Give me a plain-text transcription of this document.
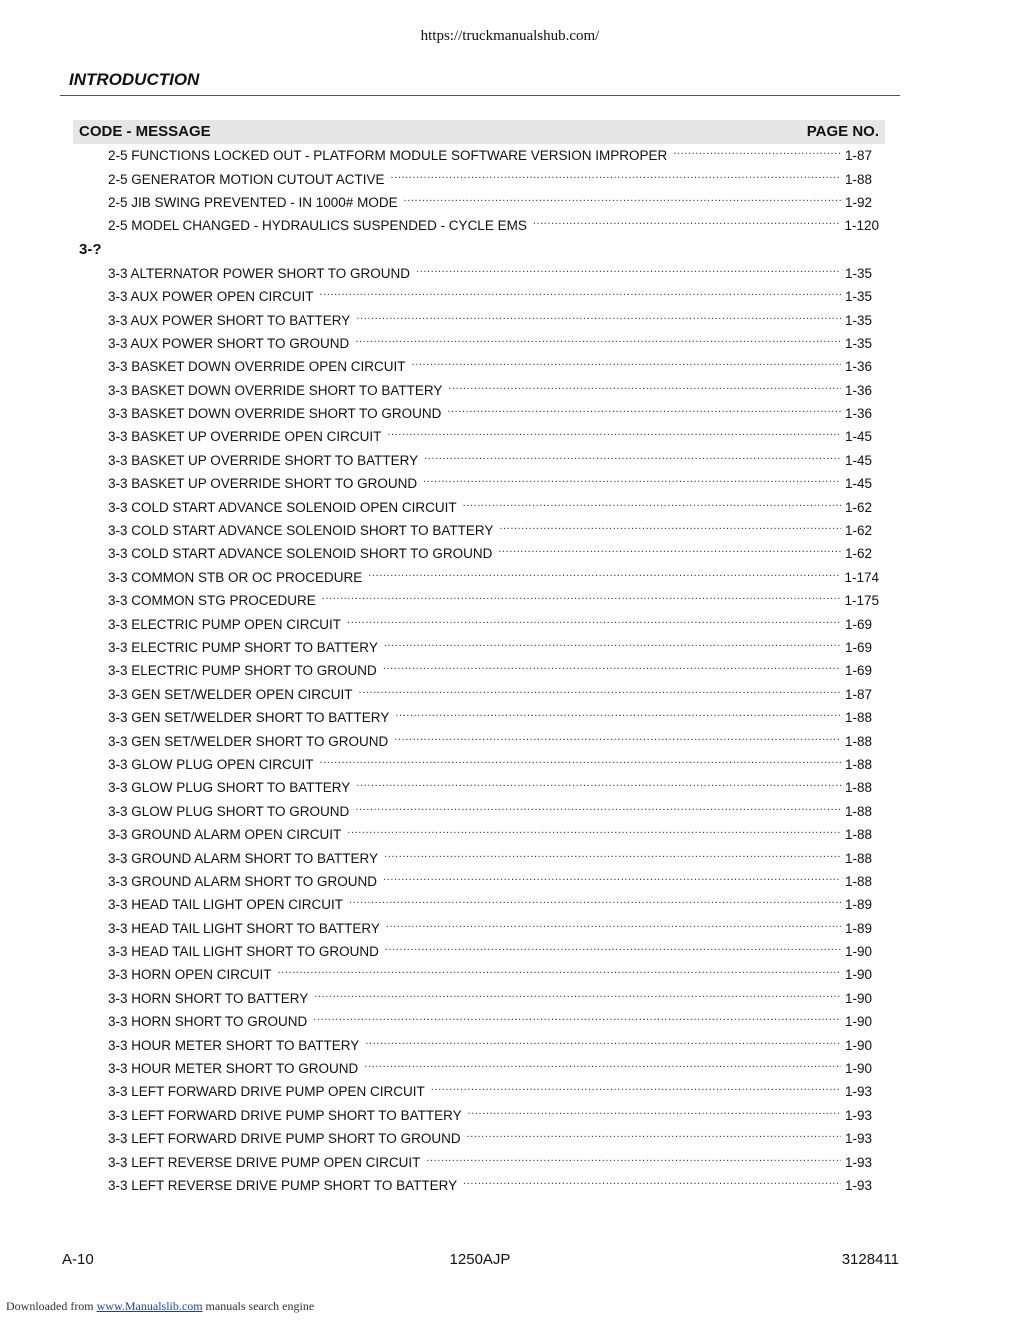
https://truckmanualshub.com/
INTRODUCTION
CODE - MESSAGE	PAGE NO.
2-5 FUNCTIONS LOCKED OUT - PLATFORM MODULE SOFTWARE VERSION IMPROPER .....	1-87
2-5 GENERATOR MOTION CUTOUT ACTIVE .....	1-88
2-5 JIB SWING PREVENTED - IN 1000# MODE .....	1-92
2-5 MODEL CHANGED - HYDRAULICS SUSPENDED - CYCLE EMS .....	1-120
3-?
3-3 ALTERNATOR POWER SHORT TO GROUND .....	1-35
3-3 AUX POWER OPEN CIRCUIT .....	1-35
3-3 AUX POWER SHORT TO BATTERY .....	1-35
3-3 AUX POWER SHORT TO GROUND .....	1-35
3-3 BASKET DOWN OVERRIDE OPEN CIRCUIT .....	1-36
3-3 BASKET DOWN OVERRIDE SHORT TO BATTERY .....	1-36
3-3 BASKET DOWN OVERRIDE SHORT TO GROUND .....	1-36
3-3 BASKET UP OVERRIDE OPEN CIRCUIT .....	1-45
3-3 BASKET UP OVERRIDE SHORT TO BATTERY .....	1-45
3-3 BASKET UP OVERRIDE SHORT TO GROUND .....	1-45
3-3 COLD START ADVANCE SOLENOID OPEN CIRCUIT .....	1-62
3-3 COLD START ADVANCE SOLENOID SHORT TO BATTERY .....	1-62
3-3 COLD START ADVANCE SOLENOID SHORT TO GROUND .....	1-62
3-3 COMMON STB OR OC PROCEDURE .....	1-174
3-3 COMMON STG PROCEDURE .....	1-175
3-3 ELECTRIC PUMP OPEN CIRCUIT .....	1-69
3-3 ELECTRIC PUMP SHORT TO BATTERY .....	1-69
3-3 ELECTRIC PUMP SHORT TO GROUND .....	1-69
3-3 GEN SET/WELDER OPEN CIRCUIT .....	1-87
3-3 GEN SET/WELDER SHORT TO BATTERY .....	1-88
3-3 GEN SET/WELDER SHORT TO GROUND .....	1-88
3-3 GLOW PLUG OPEN CIRCUIT .....	1-88
3-3 GLOW PLUG SHORT TO BATTERY .....	1-88
3-3 GLOW PLUG SHORT TO GROUND .....	1-88
3-3 GROUND ALARM OPEN CIRCUIT .....	1-88
3-3 GROUND ALARM SHORT TO BATTERY .....	1-88
3-3 GROUND ALARM SHORT TO GROUND .....	1-88
3-3 HEAD TAIL LIGHT OPEN CIRCUIT .....	1-89
3-3 HEAD TAIL LIGHT SHORT TO BATTERY .....	1-89
3-3 HEAD TAIL LIGHT SHORT TO GROUND .....	1-90
3-3 HORN OPEN CIRCUIT .....	1-90
3-3 HORN SHORT TO BATTERY .....	1-90
3-3 HORN SHORT TO GROUND .....	1-90
3-3 HOUR METER SHORT TO BATTERY .....	1-90
3-3 HOUR METER SHORT TO GROUND .....	1-90
3-3 LEFT FORWARD DRIVE PUMP OPEN CIRCUIT .....	1-93
3-3 LEFT FORWARD DRIVE PUMP SHORT TO BATTERY .....	1-93
3-3 LEFT FORWARD DRIVE PUMP SHORT TO GROUND .....	1-93
3-3 LEFT REVERSE DRIVE PUMP OPEN CIRCUIT .....	1-93
3-3 LEFT REVERSE DRIVE PUMP SHORT TO BATTERY .....	1-93
A-10	1250AJP	3128411
Downloaded from www.Manualslib.com manuals search engine
